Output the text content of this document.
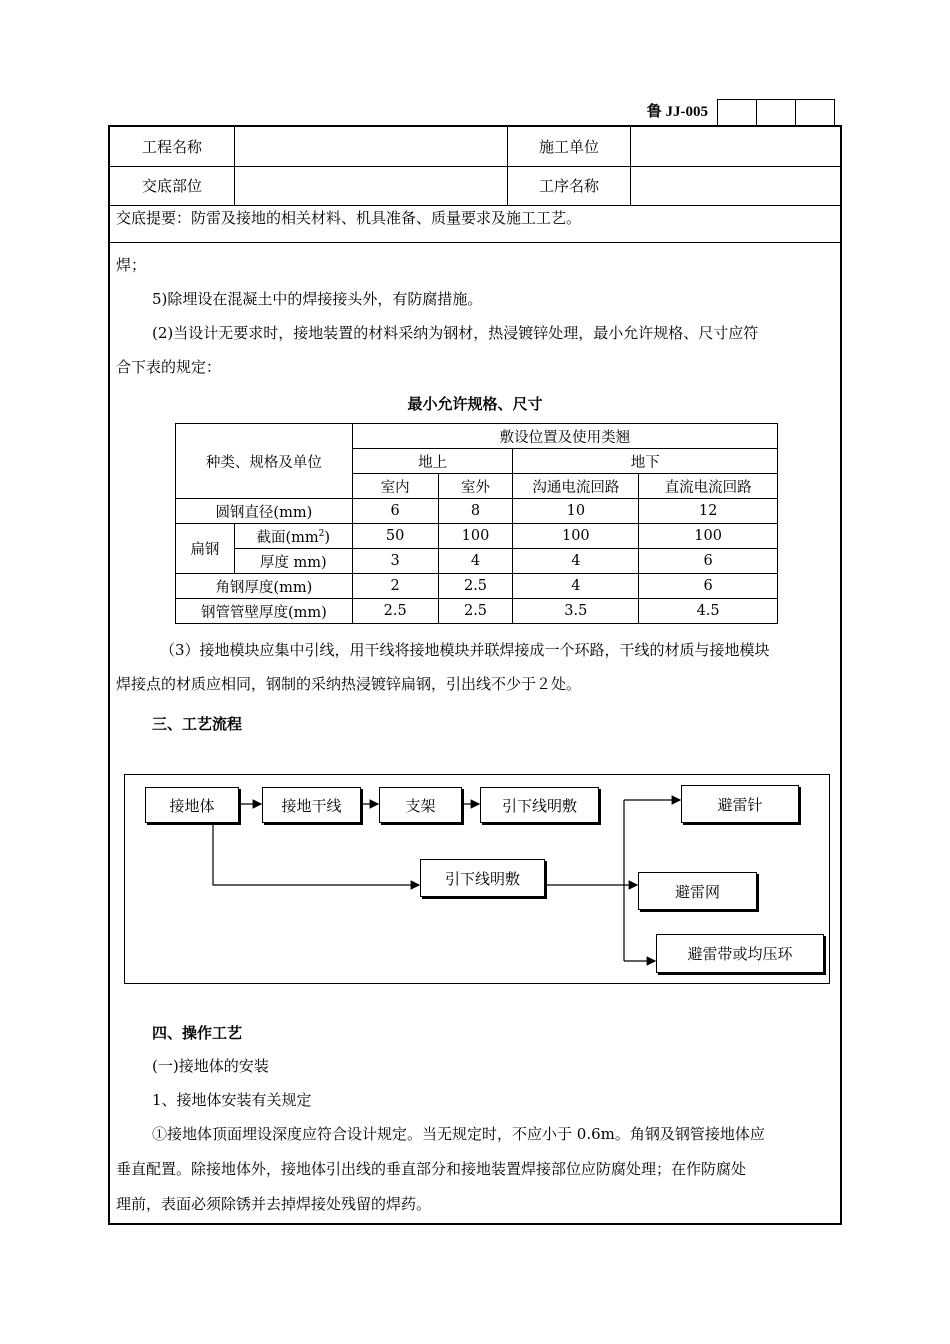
鲁 JJ-005
工程名称	施工单位
交底部位	工序名称
交底提要：防雷及接地的相关材料、机具准备、质量要求及施工工艺。
焊；
5)除埋设在混凝土中的焊接接头外，有防腐措施。
(2)当设计无要求时，接地装置的材料采纳为钢材，热浸镀锌处理，最小允许规格、尺寸应符
合下表的规定：
最小允许规格、尺寸
种类、规格及单位		敷设位置及使用类翘			
		地上		地下	
		室内	室外	沟通电流回路	直流电流回路
圆钢直径(mm)		6	8	10	12
扁钢	截面$(mm^2)$	50	100	100	100
	厚度 mm)	3	4	4	6
角钢厚度(mm)		2	2.5	4	6
钢管管壁厚度(mm)		2.5	2.5	3.5	4.5
（3）接地模块应集中引线，用干线将接地模块并联焊接成一个环路，干线的材质与接地模块
焊接点的材质应相同，钢制的采纳热浸镀锌扁钢，引出线不少于２处。
三、工艺流程
接地体	接地干线	支架	引下线明敷	避雷针
引下线明敷
避雷网
避雷带或均压环
四、操作工艺
(一)接地体的安装
1、接地体安装有关规定
①接地体顶面埋设深度应符合设计规定。当无规定时，不应小于 0.6m。角钢及钢管接地体应
垂直配置。除接地体外，接地体引出线的垂直部分和接地装置焊接部位应防腐处理；在作防腐处
理前，表面必须除锈并去掉焊接处残留的焊药。
